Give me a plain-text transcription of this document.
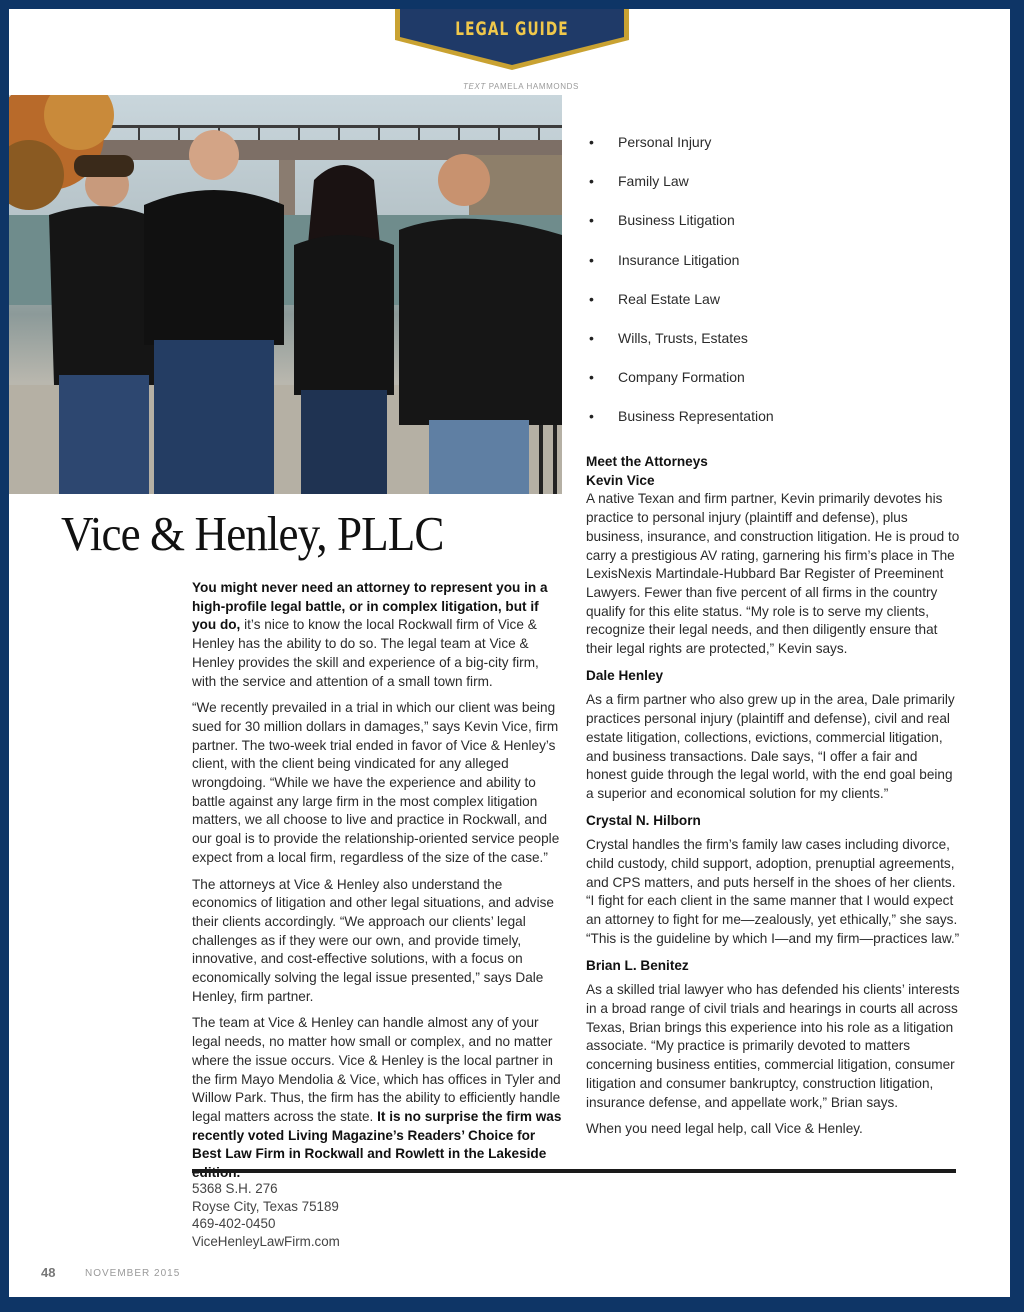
LEGAL GUIDE
TEXT PAMELA HAMMONDS
Vice & Henley, PLLC
• Personal Injury
• Family Law
• Business Litigation
• Insurance Litigation
• Real Estate Law
• Wills, Trusts, Estates
• Company Formation
• Business Representation

You might never need an attorney to represent you in a high-profile legal battle, or in complex litigation, but if you do, it’s nice to know the local Rockwall firm of Vice & Henley has the ability to do so. The legal team at Vice & Henley provides the skill and experience of a big-city firm, with the service and attention of a small town firm.

“We recently prevailed in a trial in which our client was being sued for 30 million dollars in damages,” says Kevin Vice, firm partner. The two-week trial ended in favor of Vice & Henley’s client, with the client being vindicated for any alleged wrongdoing. “While we have the experience and ability to battle against any large firm in the most complex litigation matters, we all choose to live and practice in Rockwall, and our goal is to provide the relationship-oriented service people expect from a local firm, regardless of the size of the case.”

The attorneys at Vice & Henley also understand the economics of litigation and other legal situations, and advise their clients accordingly. “We approach our clients’ legal challenges as if they were our own, and provide timely, innovative, and cost-effective solutions, with a focus on economically solving the legal issue presented,” says Dale Henley, firm partner.

The team at Vice & Henley can handle almost any of your legal needs, no matter how small or complex, and no matter where the issue occurs. Vice & Henley is the local partner in the firm Mayo Mendolia & Vice, which has offices in Tyler and Willow Park. Thus, the firm has the ability to efficiently handle legal matters across the state. It is no surprise the firm was recently voted Living Magazine’s Readers’ Choice for Best Law Firm in Rockwall and Rowlett in the Lakeside

Meet the Attorneys
Kevin Vice

A native Texan and firm partner, Kevin primarily devotes his practice to personal injury (plaintiff and defense), plus business, insurance, and construction litigation. He is proud to carry a prestigious AV rating, garnering his firm’s place in The LexisNexis Martindale-Hubbard Bar Register of Preeminent Lawyers. Fewer than five percent of all firms in the country qualify for this elite status. “My role is to serve my clients, recognize their legal needs, and then diligently ensure that their legal rights are protected,” Kevin says.

Dale Henley

As a firm partner who also grew up in the area, Dale primarily practices personal injury (plaintiff and defense), civil and real estate litigation, collections, evictions, commercial litigation, and business transactions. Dale says, “I offer a fair and honest guide through the legal world, with the end goal being a superior and economical solution for my clients.”

Crystal N. Hilborn

Crystal handles the firm’s family law cases including divorce, child custody, child support, adoption, prenuptial agreements, and CPS matters, and puts herself in the shoes of her clients. “I fight for each client in the same manner that I would expect an attorney to fight for me—zealously, yet ethically,” she says. “This is the guideline by which I—and my firm—practices law.”

Brian L. Benitez

As a skilled trial lawyer who has defended his clients’ interests in a broad range of civil trials and hearings in courts all across Texas, Brian brings this experience into his role as a litigation associate. “My practice is primarily devoted to matters concerning business entities, commercial litigation, consumer litigation and consumer bankruptcy, construction litigation, insurance defense, and appellate work,” Brian says.

When you need legal help, call Vice & Henley.

5368 S.H. 276
Royse City, Texas 75189
469-402-0450
ViceHenleyLawFirm.com
48	NOVEMBER 2015
